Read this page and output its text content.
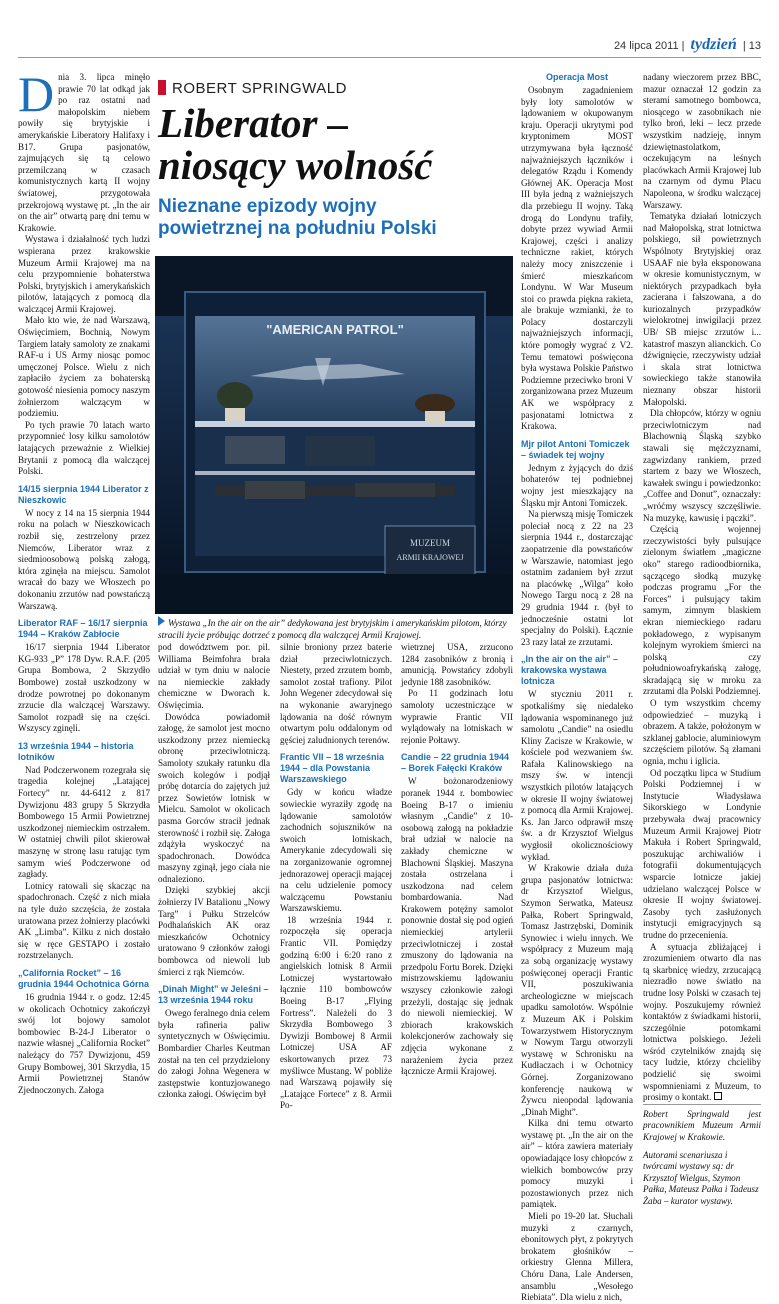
24 lipca 2011 | tydzień | 13

Dnia 3. lipca minęło prawie 70 lat odkąd jak po raz ostatni nad małopolskim niebem powiły się brytyjskie i amerykańskie Liberatory Halifaxy i B17. Grupa pasjonatów, zajmujących się tą celowo przemilczaną w czasach komunistycznych kartą II wojny światowej, przygotowała przekrojową wystawę pt. „In the air on the air” otwartą parę dni temu w Krakowie.

Wystawa i działalność tych ludzi wspierana przez krakowskie Muzeum Armii Krajowej ma na celu przypomnienie bohaterstwa Polski, brytyjskich i amerykańskich pilotów, latających z pomocą dla walczącej Armii Krajowej.

Mało kto wie, że nad Warszawą, Oświęcimiem, Bochnią, Nowym Targiem latały samoloty ze znakami RAF-u i US Army niosąc pomoc umęczonej Polsce. Wielu z nich zapłaciło życiem za bohaterską gotowość niesienia pomocy naszym żołnierzom walczącym w podziemiu.

Po tych prawie 70 latach warto przypomnieć losy kilku samolotów latających przeważnie z Wielkiej Brytanii z pomocą dla walczącej Polski.

14/15 sierpnia 1944 Liberator z Nieszkowic

W nocy z 14 na 15 sierpnia 1944 roku na polach w Nieszkowicach rozbił się, zestrzelony przez Niemców, Liberator wraz z siedmioosobową polską załogą, która zginęła na miejscu. Samolot wracał do bazy we Włoszech po dokonaniu zrzutów nad powstańczą Warszawą.

Liberator RAF – 16/17 sierpnia 1944 – Kraków Zabłocie

16/17 sierpnia 1944 Liberator KG-933 „P” 178 Dyw. R.A.F. (205 Grupa Bombowa, 2 Skrzydło Bombowe) został uszkodzony w drodze powrotnej po dokonanym zrzucie dla walczącej Warszawy. Samolot rozpadł się na części. Wszyscy zginęli.

13 września 1944 – historia lotników

Nad Podczerwonem rozegrała się tragedia kolejnej „Latającej Fortecy” nr. 44-6412 z 817 Dywizjonu 483 grupy 5 Skrzydła Bombowego 15 Armii Powietrznej uszkodzonej niemieckim ostrzałem. W ostatniej chwili pilot skierował maszynę w stronę lasu ratując tym samym wieś Podczerwone od zagłady.

Lotnicy ratowali się skacząc na spadochronach. Część z nich miała na tyle dużo szczęścia, że została uratowana przez żołnierzy placówki AK „Limba”. Kilku z nich dostało się w ręce GESTAPO i zostało rozstrzelanych.

„California Rocket” – 16 grudnia 1944 Ochotnica Górna

16 grudnia 1944 r. o godz. 12:45 w okolicach Ochotnicy zakończył swój lot bojowy samolot bombowiec B-24-J Liberator o nazwie własnej „California Rocket” należący do 757 Dywizjonu, 459 Grupy Bombowej, 301 Skrzydła, 15 Armii Powietrznej Stanów Zjednoczonych. Załoga

ROBERT SPRINGWALD
Liberator –
niosący wolność
Nieznane epizody wojny
powietrznej na południu Polski
"AMERICAN PATROL"
MUZEUM
ARMII KRAJOWEJ
Wystawa „In the air on the air” dedykowana jest brytyjskim i amerykańskim pilotom, którzy stracili życie próbując dotrzeć z pomocą dla walczącej Armii Krajowej.

pod dowództwem por. pil. Williama Beimfohra brała udział w tym dniu w nalocie na niemieckie zakłady chemiczne w Dworach k. Oświęcimia.

Dowódca powiadomił załogę, że samolot jest mocno uszkodzony przez niemiecką obronę przeciwlotniczą. Samoloty szukały ratunku dla swoich kolegów i podjął próbę dotarcia do zajętych już przez Sowietów lotnisk w Mielcu. Samolot w okolicach pasma Gorców stracił jednak sterowność i rozbił się. Załoga zdążyła wyskoczyć na spadochronach. Dowódca maszyny zginął, jego ciała nie odnaleziono.

Dzięki szybkiej akcji żołnierzy IV Batalionu „Nowy Targ” i Pułku Strzelców Podhalańskich AK oraz mieszkańców Ochotnicy uratowano 9 członków załogi bombowca od niewoli lub śmierci z rąk Niemców.

„Dinah Might” w Jeleśni – 13 września 1944 roku

Owego feralnego dnia celem była rafineria paliw syntetycznych w Oświęcimiu. Bombardier Charles Keutman został na ten cel przydzielony do załogi Johna Wegenera w zastępstwie kontuzjowanego członka załogi. Oświęcim był

silnie broniony przez baterie dział przeciwlotniczych. Niestety, przed zrzutem bomb, samolot został trafiony. Pilot John Wegener zdecydował się na wykonanie awaryjnego lądowania na dość równym otwartym polu oddalonym od gęściej zaludnionych terenów.

Frantic VII – 18 września 1944 – dla Powstania Warszawskiego

Gdy w końcu władze sowieckie wyraziły zgodę na lądowanie samolotów zachodnich sojuszników na swoich lotniskach, Amerykanie zdecydowali się na zorganizowanie ogromnej jednorazowej operacji mającej na celu udzielenie pomocy walczącemu Powstaniu Warszawskiemu.

18 września 1944 r. rozpoczęła się operacja Frantic VII. Pomiędzy godziną 6:00 i 6:20 rano z angielskich lotnisk 8 Armii Lotniczej wystartowało łącznie 110 bombowców Boeing B-17 „Flying Fortress”. Należeli do 3 Skrzydła Bombowego 3 Dywizji Bombowej 8 Armii Lotniczej USA AF eskortowanych przez 73 myśliwce Mustang. W pobliże nad Warszawą pojawiły się „Latające Fortece” z 8. Armii Po-

wietrznej USA, zrzucono 1284 zasobników z bronią i amunicją. Powstańcy zdobyli jedynie 188 zasobników.

Po 11 godzinach lotu samoloty uczestniczące w wyprawie Frantic VII wylądowały na lotniskach w rejonie Połtawy.

Candie – 22 grudnia 1944 – Borek Fałęcki Kraków

W bożonarodzeniowy poranek 1944 r. bombowiec Boeing B-17 o imieniu własnym „Candie” z 10-osobową załogą na pokładzie brał udział w nalocie na zakłady chemiczne w Blachowni Śląskiej. Maszyna została ostrzelana i uszkodzona nad celem bombardowania. Nad Krakowem potężny samolot ponownie dostał się pod ogień niemieckiej artylerii przeciwlotniczej i został zmuszony do lądowania na przedpolu Fortu Borek. Dzięki mistrzowskiemu lądowaniu wszyscy członkowie załogi przeżyli, dostając się jednak do niewoli niemieckiej. W zbiorach krakowskich kolekcjonerów zachowały się zdjęcia wykonane z narażeniem życia przez łącznicze Armii Krajowej.

Operacja Most

Osobnym zagadnieniem były loty samolotów w lądowaniem w okupowanym kraju. Operacji ukrytymi pod kryptonimem MOST utrzymywana była łączność najważniejszych łączników i delegatów Rządu i Komendy Głównej AK. Operacja Most III była jedną z ważniejszych dla przebiegu II wojny. Taką drogą do Londynu trafiły, dobyte przez wywiad Armii Krajowej, części i analizy techniczne rakiet, których należy mocy zniszczenie i śmierć mieszkańcom Londynu. W War Museum stoi co prawda piękna rakieta, ale brakuje wzmianki, że to Polacy dostarczyli najważniejszych informacji, które pomogły wygrać z V2. Temu tematowi poświęcona była wystawa Polskie Państwo Podziemne przeciwko broni V zorganizowana przez Muzeum AK we współpracy z pasjonatami lotnictwa z Krakowa.

Mjr pilot Antoni Tomiczek – świadek tej wojny

Jednym z żyjących do dziś bohaterów tej podniebnej wojny jest mieszkający na Śląsku mjr Antoni Tomiczek.

Na pierwszą misję Tomiczek poleciał nocą z 22 na 23 sierpnia 1944 r., dostarczając zaopatrzenie dla powstańców w Warszawie, natomiast jego ostatnim zadaniem był zrzut na placówkę „Wilga” koło Nowego Targu nocą z 28 na 29 grudnia 1944 r. (był to jednocześnie ostatni lot specjalny do Polski). Łącznie 23 razy latał ze zrzutami.

„In the air on the air” – krakowska wystawa lotnicza

W styczniu 2011 r. spotkaliśmy się niedaleko lądowania wspominanego już samolotu „Candie” na osiedlu Kliny Zacisze w Krakowie, w kościele pod wezwaniem św. Rafała Kalinowskiego na mszy św. w intencji wszystkich pilotów latających w okresie II wojny światowej z pomocą dla Armii Krajowej. Ks. Jan Jarco odprawił mszę św. a dr Krzysztof Wielgus wygłosił okolicznościowy wykład.

W Krakowie działa duża grupa pasjonatów lotnictwa: dr Krzysztof Wielgus, Szymon Serwatka, Mateusz Pałka, Robert Springwald, Tomasz Jastrzębski, Dominik Synowiec i wielu innych. We współpracy z Muzeum mają za sobą organizację wystawy poświęconej operacji Frantic VII, poszukiwania archeologiczne w miejscach upadku samolotów. Wspólnie z Muzeum AK i Polskim Towarzystwem Historycznym w Nowym Targu otworzyli wystawę w Schronisku na Kudłaczach i w Ochotnicy Górnej. Zorganizowano konferencję naukową w Żywcu nieopodal lądowania „Dinah Might”.

Kilka dni temu otwarto wystawę pt. „In the air on the air” – która zawiera materiały opowiadające losy chłopców z wielkich bombowców przy pomocy muzyki i pozostawionych przez nich pamiątek.

Mieli po 19-20 lat. Słuchali muzyki z czarnych, ebonitowych płyt, z pokrytych brokatem głośników – orkiestry Glenna Millera, Chóru Dana, Lale Andersen, ansamblu „Wesołego Riebiata”. Dla wielu z nich,

nadany wieczorem przez BBC, mazur oznaczał 12 godzin za sterami samotnego bombowca, niosącego w zasobnikach nie tylko broń, leki – lecz przede wszystkim nadzieję, innym dziewiętnastolatkom, oczekującym na leśnych placówkach Armii Krajowej lub na czarnym od dymu Placu Napoleona, w środku walczącej Warszawy.

Tematyka działań lotniczych nad Małopolską, strat lotnictwa polskiego, sił powietrznych Wspólnoty Brytyjskiej oraz USAAF nie była eksponowana w okresie komunistycznym, w niektórych przypadkach była zacierana i fałszowana, a do kuriozalnych przypadków wielokrotnej inwigilacji przez UB/ SB miejsc zrzutów i... katastrof maszyn alianckich. Co dźwignięcie, rzeczywisty udział i skala strat lotnictwa sowieckiego także stanowiła nieznany obszar historii Małopolski.

Dla chłopców, którzy w ogniu przeciwlotniczym nad Blachownią Śląską szybko stawali się mężczyznami, zagwizdany rankiem, przed startem z bazy we Włoszech, kawałek swingu i powiedzonko: „Coffee and Donut”, oznaczały: „wróćmy wszyscy szczęśliwie. Na muzykę, kawusię i pączki”.

Częścią wojennej rzeczywistości były pulsujące zielonym światłem „magiczne oko” starego radioodbiornika, sączącego słodką muzykę podczas programu „For the Forces” i pulsujący takim samym, zimnym blaskiem ekran niemieckiego radaru pokładowego, z wypisanym kolejnym wyrokiem śmierci na polską czy południowoafrykańską załogę, skradającą się w mroku za zrzutami dla Polski Podziemnej.

O tym wszystkim chcemy odpowiedzieć – muzyką i obrazem. A także, położonym w szklanej gablocie, aluminiowym szczęściem pilotów. Są złamani ognia, mchu i iglicia.

Od początku lipca w Studium Polski Podziemnej i w Instytucie Władysława Sikorskiego w Londynie przebywała dwaj pracownicy Muzeum Armii Krajowej Piotr Makuła i Robert Springwald, poszukując archiwaliów i fotografii dokumentujących wsparcie lotnicze jakiej udzielano walczącej Polsce w okresie II wojny światowej. Zasoby tych zasłużonych instytucji emigracyjnych są trudne do przecenienia.

A sytuacja zbliżającej i zrozumieniem otwarto dla nas tą skarbnicę wiedzy, zrzucającą niezradło nowe światło na trudne losy Polski w czasach tej wojny. Poszukujemy również kontaktów z świadkami historii, szczególnie potomkami lotnictwa polskiego. Jeżeli wśród czytelników znajdą się tacy ludzie, którzy chcieliby podzielić się swoimi wspomnieniami z Muzeum, to prosimy o kontakt.

Robert Springwald jest pracownikiem Muzeum Armii Krajowej w Krakowie.

Autorami scenariusza i twórcami wystawy są: dr Krzysztof Wielgus, Szymon Pałka, Mateusz Pałka i Tadeusz Żaba – kurator wystawy.
